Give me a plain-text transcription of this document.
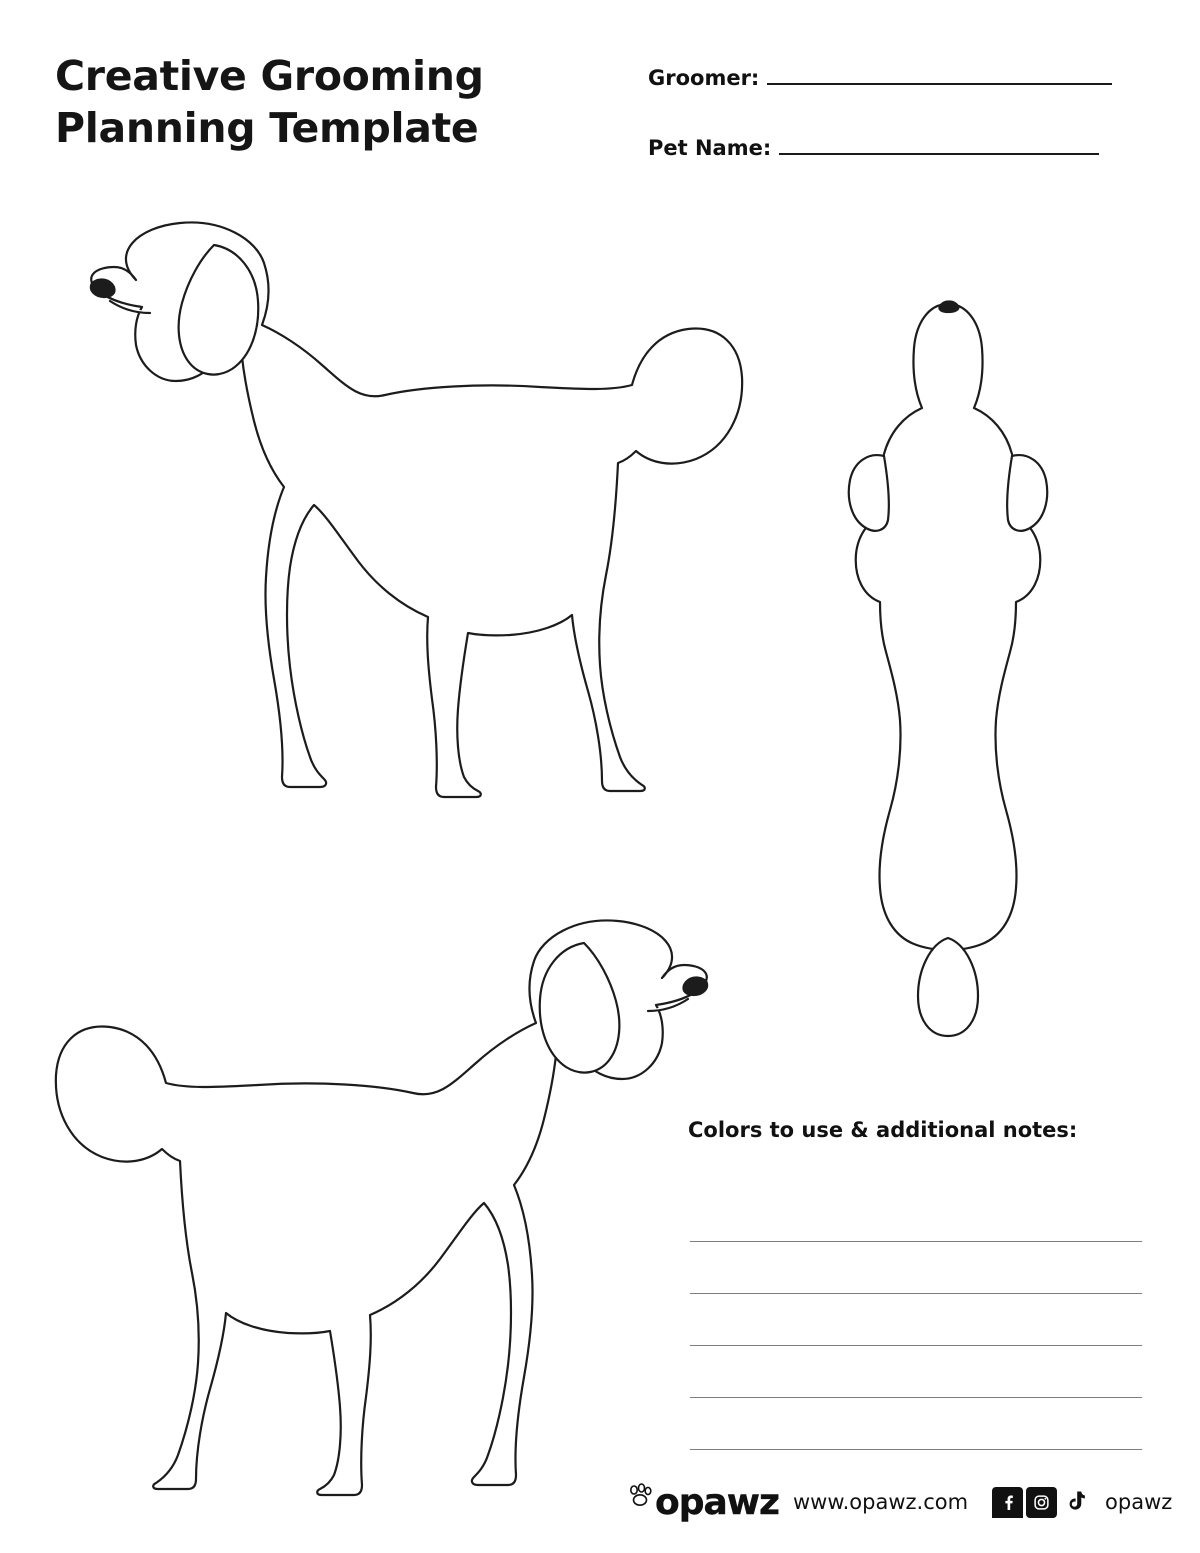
Creative Grooming
Planning Template
Groomer:
Pet Name:
Colors to use & additional notes:
opawz www.opawz.com	opawz
